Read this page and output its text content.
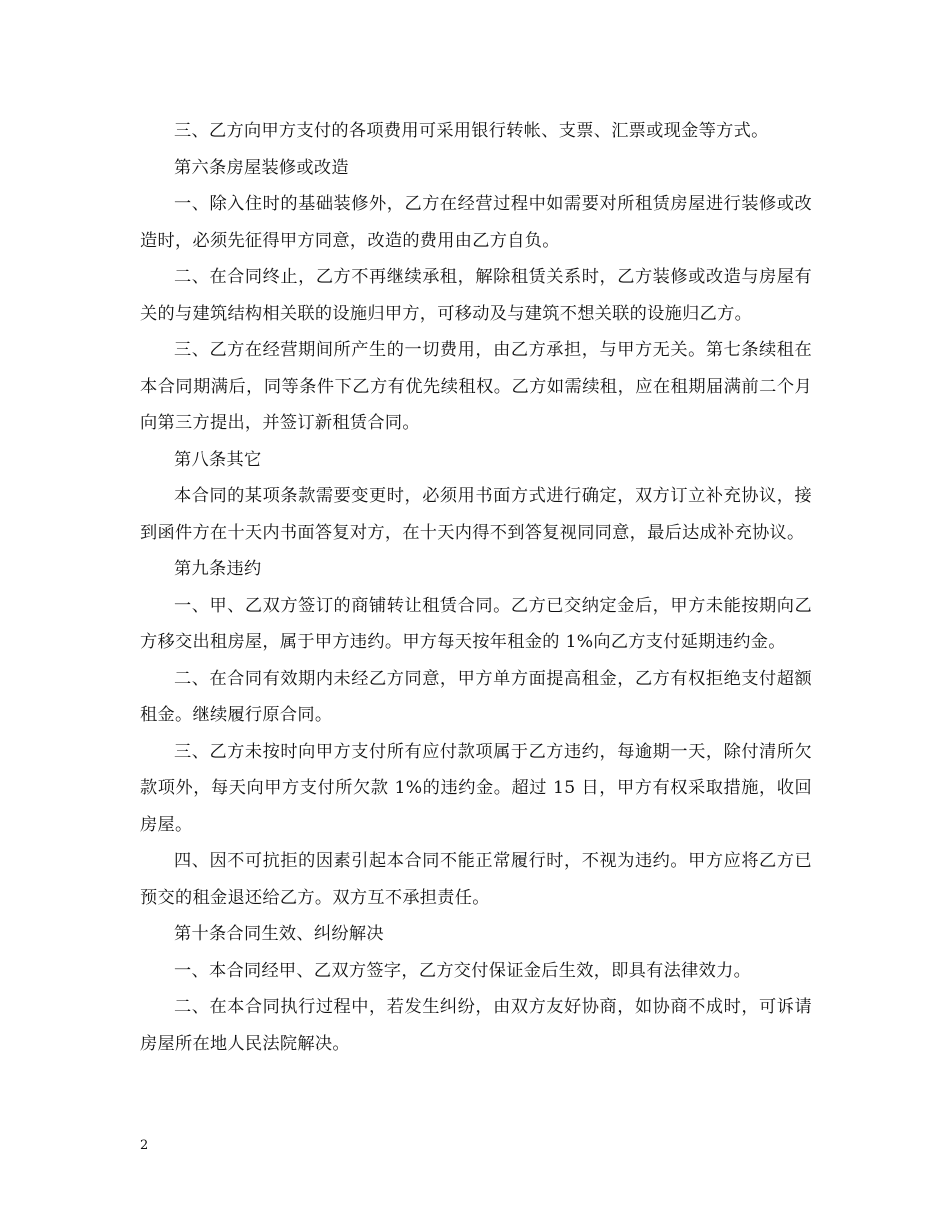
三、乙方向甲方支付的各项费用可采用银行转帐、支票、汇票或现金等方式。

第六条房屋装修或改造

一、除入住时的基础装修外，乙方在经营过程中如需要对所租赁房屋进行装修或改造时，必须先征得甲方同意，改造的费用由乙方自负。

二、在合同终止，乙方不再继续承租，解除租赁关系时，乙方装修或改造与房屋有关的与建筑结构相关联的设施归甲方，可移动及与建筑不想关联的设施归乙方。

三、乙方在经营期间所产生的一切费用，由乙方承担，与甲方无关。第七条续租在本合同期满后，同等条件下乙方有优先续租权。乙方如需续租，应在租期届满前二个月向第三方提出，并签订新租赁合同。

第八条其它

本合同的某项条款需要变更时，必须用书面方式进行确定，双方订立补充协议，接到函件方在十天内书面答复对方，在十天内得不到答复视同同意，最后达成补充协议。

第九条违约

一、甲、乙双方签订的商铺转让租赁合同。乙方已交纳定金后，甲方未能按期向乙方移交出租房屋，属于甲方违约。甲方每天按年租金的 1%向乙方支付延期违约金。

二、在合同有效期内未经乙方同意，甲方单方面提高租金，乙方有权拒绝支付超额租金。继续履行原合同。

三、乙方未按时向甲方支付所有应付款项属于乙方违约，每逾期一天，除付清所欠款项外，每天向甲方支付所欠款 1%的违约金。超过 15 日，甲方有权采取措施，收回房屋。

四、因不可抗拒的因素引起本合同不能正常履行时，不视为违约。甲方应将乙方已预交的租金退还给乙方。双方互不承担责任。

第十条合同生效、纠纷解决

一、本合同经甲、乙双方签字，乙方交付保证金后生效，即具有法律效力。

二、在本合同执行过程中，若发生纠纷，由双方友好协商，如协商不成时，可诉请房屋所在地人民法院解决。

2
